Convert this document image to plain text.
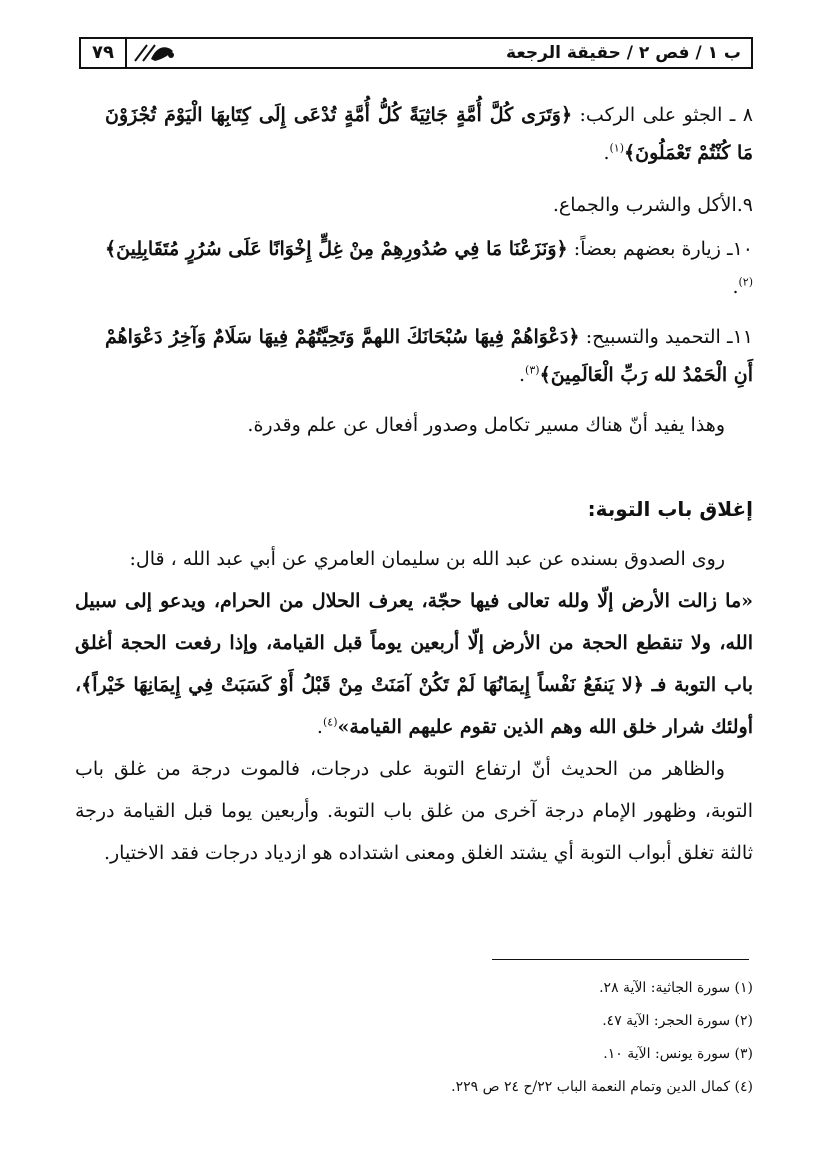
٧٩	ب ١ / فص ٢ / حقيقة الرجعة

٨ ـ الجثو على الركب: ﴿وَتَرَى كُلَّ أُمَّةٍ جَاثِيَةً كُلُّ أُمَّةٍ تُدْعَى إِلَى كِتَابِهَا الْيَوْمَ تُجْزَوْنَ مَا كُنْتُمْ تَعْمَلُونَ﴾$^{(١)}$.

٩.الأكل والشرب والجماع.

١٠ـ زيارة بعضهم بعضاً: ﴿وَنَزَعْنَا مَا فِي صُدُورِهِمْ مِنْ غِلٍّ إِخْوَانًا عَلَى سُرُرٍ مُتَقَابِلِينَ﴾$^{(٢)}$.

١١ـ التحميد والتسبيح: ﴿دَعْوَاهُمْ فِيهَا سُبْحَانَكَ اللهمَّ وَتَحِيَّتُهُمْ فِيهَا سَلَامٌ وَآخِرُ دَعْوَاهُمْ أَنِ الْحَمْدُ لله رَبِّ الْعَالَمِينَ﴾$^{(٣)}$.

وهذا يفيد أنّ هناك مسير تكامل وصدور أفعال عن علم وقدرة.

إغلاق باب التوبة:

روى الصدوق بسنده عن عبد الله بن سليمان العامري عن أبي عبد الله ، قال:

«ما زالت الأرض إلّا ولله تعالى فيها حجّة، يعرف الحلال من الحرام، ويدعو إلى سبيل الله، ولا تنقطع الحجة من الأرض إلّا أربعين يوماً قبل القيامة، وإذا رفعت الحجة أغلق باب التوبة فـ ﴿لا يَنفَعُ نَفْساً إِيمَانُهَا لَمْ تَكُنْ آمَنَتْ مِنْ قَبْلُ أَوْ كَسَبَتْ فِي إِيمَانِهَا خَيْراً﴾، أولئك شرار خلق الله وهم الذين تقوم عليهم القيامة»$^{(٤)}$.

والظاهر من الحديث أنّ ارتفاع التوبة على درجات، فالموت درجة من غلق باب التوبة، وظهور الإمام درجة آخرى من غلق باب التوبة. وأربعين يوما قبل القيامة درجة ثالثة تغلق أبواب التوبة أي يشتد الغلق ومعنى اشتداده هو ازدياد درجات فقد الاختيار.

(١) سورة الجاثية: الآية ٢٨.
(٢) سورة الحجر: الآية ٤٧.
(٣) سورة يونس: الآية ١٠.
(٤) كمال الدين وتمام النعمة الباب ٢٢/ح ٢٤ ص ٢٢٩.
